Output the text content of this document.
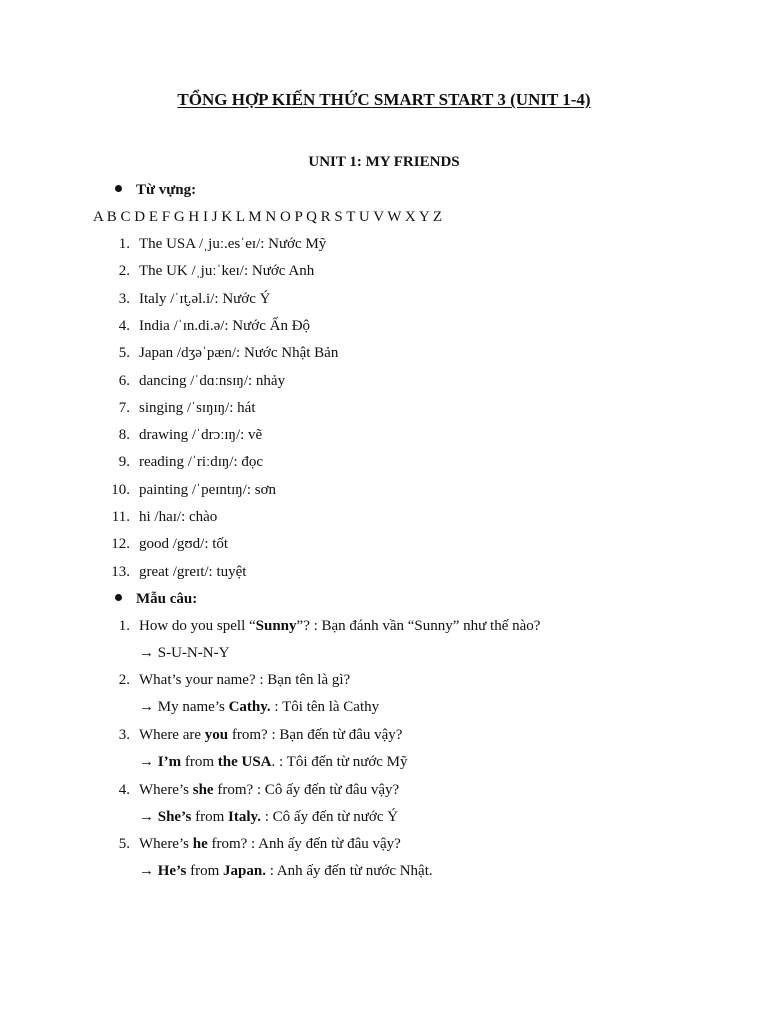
TỔNG HỢP KIẾN THỨC SMART START 3 (UNIT 1-4)
UNIT 1: MY FRIENDS
Từ vựng:
A B C D E F G H I J K L M N O P Q R S T U V W X Y Z
1. The USA /ˌjuː.esˈeɪ/: Nước Mỹ
2. The UK /ˌjuːˈkeɪ/: Nước Anh
3. Italy /ˈɪt̬.əl.i/: Nước Ý
4. India /ˈɪn.di.ə/: Nước Ấn Độ
5. Japan /dʒəˈpæn/: Nước Nhật Bản
6. dancing /ˈdɑːnsɪŋ/: nhảy
7. singing /ˈsɪŋɪŋ/: hát
8. drawing /ˈdrɔːɪŋ/: vẽ
9. reading /ˈriːdɪŋ/: đọc
10. painting /ˈpeɪntɪŋ/: sơn
11. hi /haɪ/: chào
12. good /gʊd/: tốt
13. great /greɪt/: tuyệt
Mẫu câu:
1. How do you spell “Sunny”? : Bạn đánh vần “Sunny” như thế nào?
→ S-U-N-N-Y
2. What’s your name? : Bạn tên là gì?
→ My name’s Cathy. : Tôi tên là Cathy
3. Where are you from? : Bạn đến từ đâu vậy?
→ I’m from the USA. : Tôi đến từ nước Mỹ
4. Where’s she from? : Cô ấy đến từ đâu vậy?
→ She’s from Italy. : Cô ấy đến từ nước Ý
5. Where’s he from? : Anh ấy đến từ đâu vậy?
→ He’s from Japan. : Anh ấy đến từ nước Nhật.
